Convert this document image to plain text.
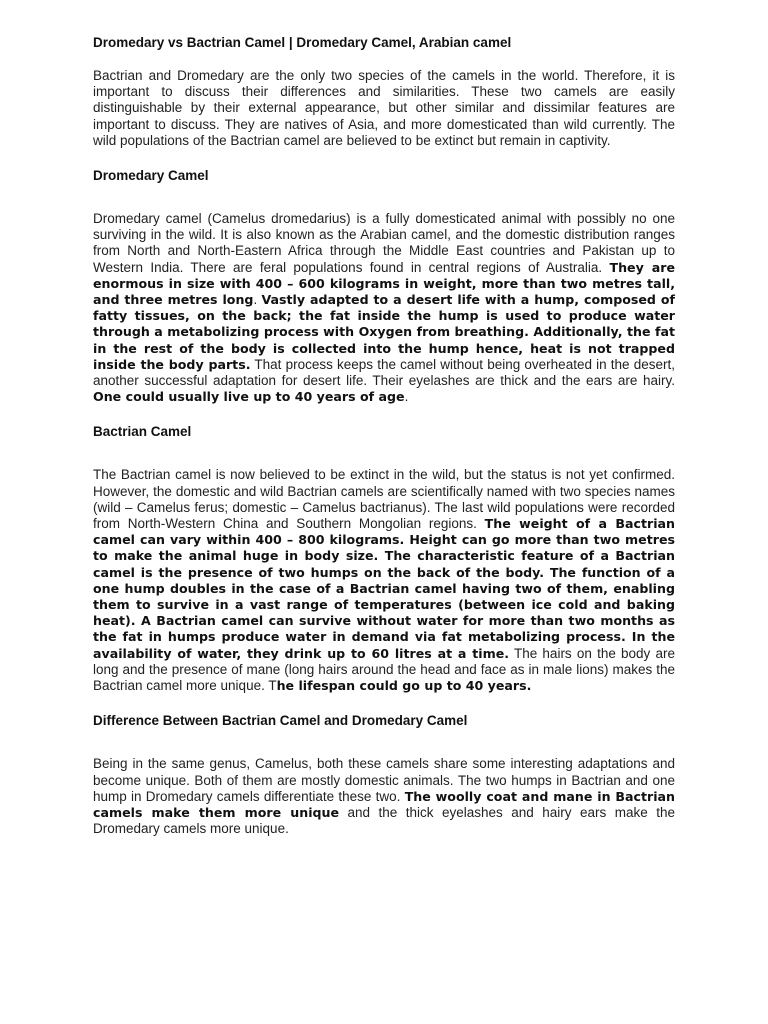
Dromedary vs Bactrian Camel | Dromedary Camel, Arabian camel

Bactrian and Dromedary are the only two species of the camels in the world. Therefore, it is important to discuss their differences and similarities. These two camels are easily distinguishable by their external appearance, but other similar and dissimilar features are important to discuss. They are natives of Asia, and more domesticated than wild currently. The wild populations of the Bactrian camel are believed to be extinct but remain in captivity.

Dromedary Camel

Dromedary camel (Camelus dromedarius) is a fully domesticated animal with possibly no one surviving in the wild. It is also known as the Arabian camel, and the domestic distribution ranges from North and North-Eastern Africa through the Middle East countries and Pakistan up to Western India. There are feral populations found in central regions of Australia. They are enormous in size with 400 – 600 kilograms in weight, more than two metres tall, and three metres long. Vastly adapted to a desert life with a hump, composed of fatty tissues, on the back; the fat inside the hump is used to produce water through a metabolizing process with Oxygen from breathing. Additionally, the fat in the rest of the body is collected into the hump hence, heat is not trapped inside the body parts. That process keeps the camel without being overheated in the desert, another successful adaptation for desert life. Their eyelashes are thick and the ears are hairy. One could usually live up to 40 years of age.

Bactrian Camel

The Bactrian camel is now believed to be extinct in the wild, but the status is not yet confirmed. However, the domestic and wild Bactrian camels are scientifically named with two species names (wild – Camelus ferus; domestic – Camelus bactrianus). The last wild populations were recorded from North-Western China and Southern Mongolian regions. The weight of a Bactrian camel can vary within 400 – 800 kilograms. Height can go more than two metres to make the animal huge in body size. The characteristic feature of a Bactrian camel is the presence of two humps on the back of the body. The function of a one hump doubles in the case of a Bactrian camel having two of them, enabling them to survive in a vast range of temperatures (between ice cold and baking heat). A Bactrian camel can survive without water for more than two months as the fat in humps produce water in demand via fat metabolizing process. In the availability of water, they drink up to 60 litres at a time. The hairs on the body are long and the presence of mane (long hairs around the head and face as in male lions) makes the Bactrian camel more unique. The lifespan could go up to 40 years.

Difference Between Bactrian Camel and Dromedary Camel

Being in the same genus, Camelus, both these camels share some interesting adaptations and become unique. Both of them are mostly domestic animals. The two humps in Bactrian and one hump in Dromedary camels differentiate these two. The woolly coat and mane in Bactrian camels make them more unique and the thick eyelashes and hairy ears make the Dromedary camels more unique.
